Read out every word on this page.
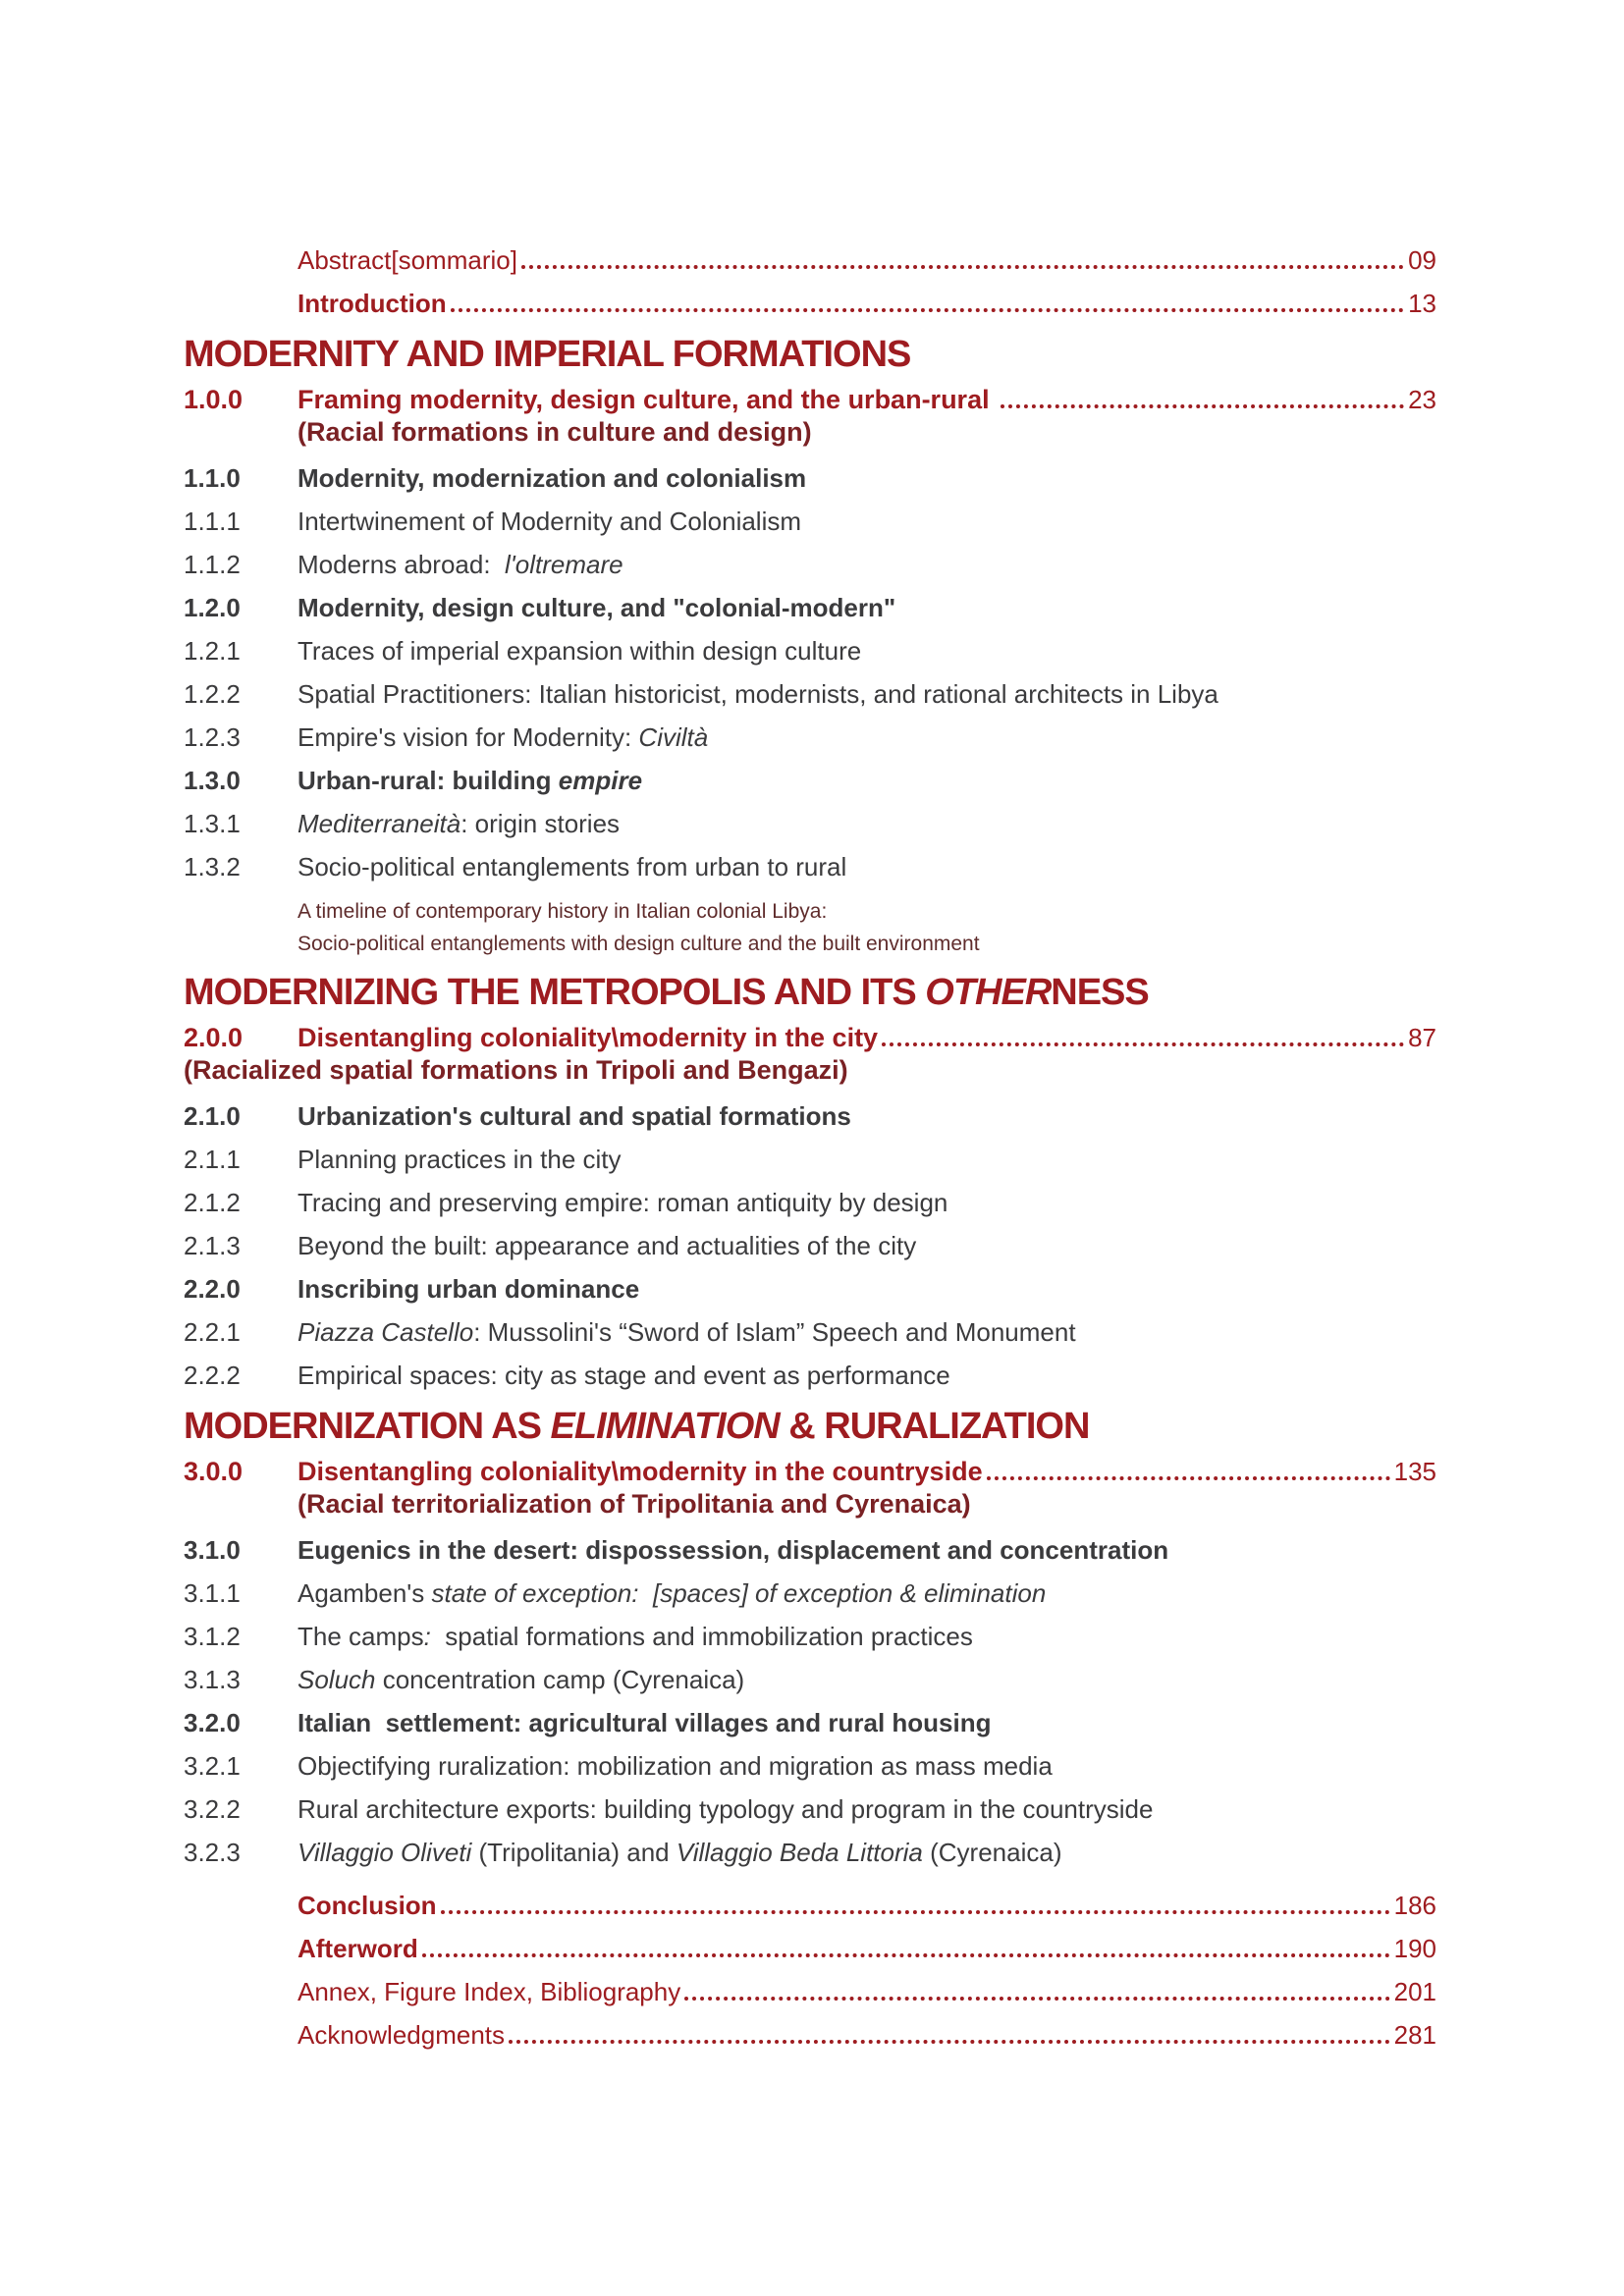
Abstract[sommario]	09
Introduction	13
MODERNITY AND IMPERIAL FORMATIONS
1.0.0	Framing modernity, design culture, and the urban-rural	23
(Racial formations in culture and design)
1.1.0	Modernity, modernization and colonialism
1.1.1	Intertwinement of Modernity and Colonialism
1.1.2	Moderns abroad:  l'oltremare
1.2.0	Modernity, design culture, and "colonial-modern"
1.2.1	Traces of imperial expansion within design culture
1.2.2	Spatial Practitioners: Italian historicist, modernists, and rational architects in Libya
1.2.3	Empire's vision for Modernity: Civiltà
1.3.0	Urban-rural: building empire
1.3.1	Mediterraneità: origin stories
1.3.2	Socio-political entanglements from urban to rural
A timeline of contemporary history in Italian colonial Libya:
Socio-political entanglements with design culture and the built environment
MODERNIZING THE METROPOLIS AND ITS OTHERNESS
2.0.0	Disentangling coloniality\modernity in the city	87
(Racialized spatial formations in Tripoli and Bengazi)
2.1.0	Urbanization's cultural and spatial formations
2.1.1	Planning practices in the city
2.1.2	Tracing and preserving empire: roman antiquity by design
2.1.3	Beyond the built: appearance and actualities of the city
2.2.0	Inscribing urban dominance
2.2.1	Piazza Castello: Mussolini's “Sword of Islam” Speech and Monument
2.2.2	Empirical spaces: city as stage and event as performance
MODERNIZATION AS ELIMINATION & RURALIZATION
3.0.0	Disentangling coloniality\modernity in the countryside	135
(Racial territorialization of Tripolitania and Cyrenaica)
3.1.0	Eugenics in the desert: dispossession, displacement and concentration
3.1.1	Agamben's state of exception:  [spaces] of exception & elimination
3.1.2	The camps:  spatial formations and immobilization practices
3.1.3	Soluch concentration camp (Cyrenaica)
3.2.0	Italian  settlement: agricultural villages and rural housing
3.2.1	Objectifying ruralization: mobilization and migration as mass media
3.2.2	Rural architecture exports: building typology and program in the countryside
3.2.3	Villaggio Oliveti (Tripolitania) and Villaggio Beda Littoria (Cyrenaica)
Conclusion	186
Afterword	190
Annex, Figure Index, Bibliography	201
Acknowledgments	281
